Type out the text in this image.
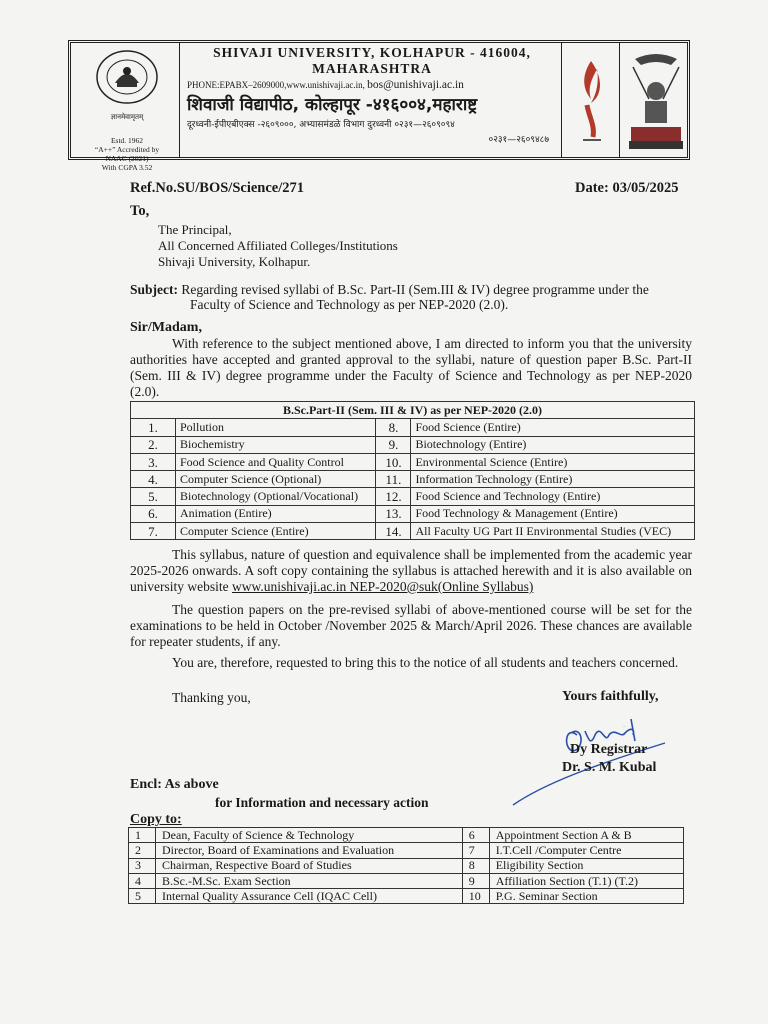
ज्ञानमेवामृतम्
Estd. 1962
“A++” Accredited by
NAAC (2021)
With CGPA 3.52
SHIVAJI UNIVERSITY, KOLHAPUR - 416004,
MAHARASHTRA
PHONE:EPABX–2609000,www.unishivaji.ac.in, bos@unishivaji.ac.in
शिवाजी विद्यापीठ, कोल्हापूर -४१६००४,महाराष्ट्र
दूरध्वनी-ईपीएबीएक्स -२६०९०००, अभ्यासमंडळे विभाग दुरध्वनी ०२३१—२६०९०९४
०२३१—२६०९४८७
Ref.No.SU/BOS/Science/271	Date: 03/05/2025
To,
The Principal,
All Concerned Affiliated Colleges/Institutions
Shivaji University, Kolhapur.
Subject: Regarding revised syllabi of B.Sc. Part-II (Sem.III & IV) degree programme under the
Faculty of Science and Technology as per NEP-2020 (2.0).
Sir/Madam,
With reference to the subject mentioned above, I am directed to inform you that the university authorities have accepted and granted approval to the syllabi, nature of question paper B.Sc. Part-II (Sem. III & IV) degree programme under the Faculty of Science and Technology as per NEP-2020 (2.0).
B.Sc.Part-II (Sem. III & IV) as per NEP-2020 (2.0)			
1.	Pollution	8.	Food Science (Entire)
2.	Biochemistry	9.	Biotechnology (Entire)
3.	Food Science and Quality Control	10.	Environmental Science (Entire)
4.	Computer Science (Optional)	11.	Information Technology (Entire)
5.	Biotechnology (Optional/Vocational)	12.	Food Science and Technology (Entire)
6.	Animation (Entire)	13.	Food Technology & Management (Entire)
7.	Computer Science (Entire)	14.	All Faculty UG Part II Environmental Studies (VEC)
This syllabus, nature of question and equivalence shall be implemented from the academic year 2025-2026 onwards. A soft copy containing the syllabus is attached herewith and it is also available on university website www.unishivaji.ac.in NEP-2020@suk(Online Syllabus)
The question papers on the pre-revised syllabi of above-mentioned course will be set for the examinations to be held in October /November 2025 & March/April 2026. These chances are available for repeater students, if any.
You are, therefore, requested to bring this to the notice of all students and teachers concerned.
Thanking you,	Yours faithfully,
Kubal
Dy Registrar
Dr. S. M. Kubal
Encl: As above
for Information and necessary action
Copy to:
1	Dean, Faculty of Science & Technology	6	Appointment Section A & B
2	Director, Board of Examinations and Evaluation	7	I.T.Cell /Computer Centre
3	Chairman, Respective Board of Studies	8	Eligibility Section
4	B.Sc.-M.Sc. Exam Section	9	Affiliation Section (T.1) (T.2)
5	Internal Quality Assurance Cell (IQAC Cell)	10	P.G. Seminar Section
